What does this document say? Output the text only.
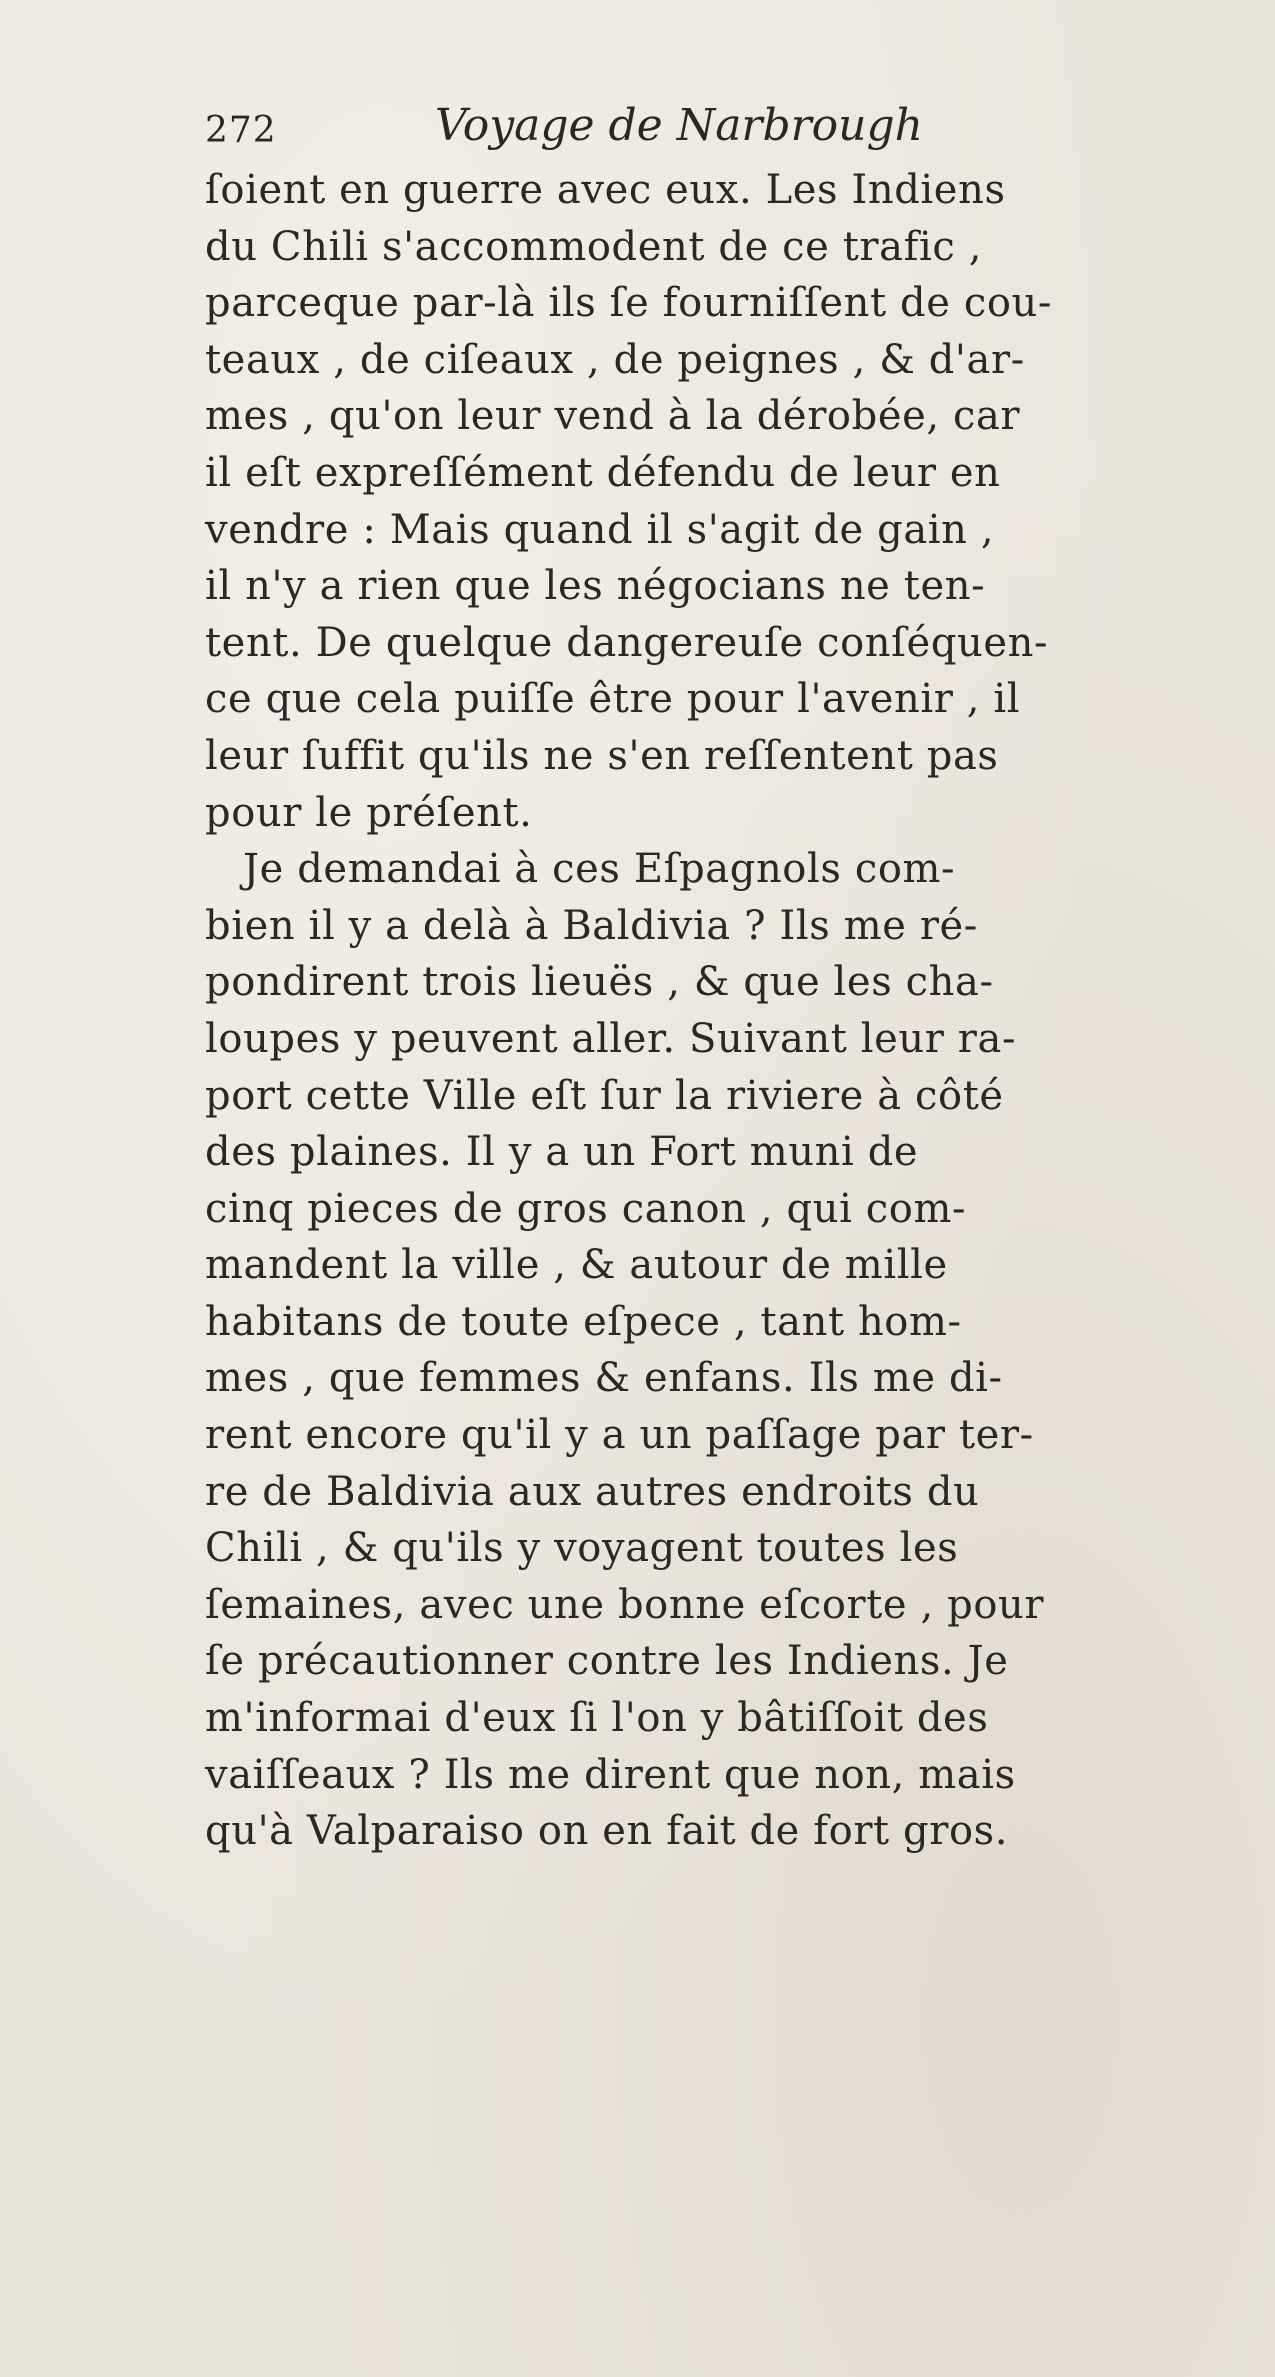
272	Voyage de Narbrough
ſoient en guerre avec eux. Les Indiens
du Chili s'accommodent de ce trafic ,
parceque par-là ils ſe fourniſſent de cou-
teaux , de ciſeaux , de peignes , & d'ar-
mes , qu'on leur vend à la dérobée, car
il eſt expreſſément défendu de leur en
vendre : Mais quand il s'agit de gain ,
il n'y a rien que les négocians ne ten-
tent. De quelque dangereuſe conſéquen-
ce que cela puiſſe être pour l'avenir , il
leur ſuffit qu'ils ne s'en reſſentent pas
pour le préſent.
Je demandai à ces Eſpagnols com-
bien il y a delà à Baldivia ? Ils me ré-
pondirent trois lieuës , & que les cha-
loupes y peuvent aller. Suivant leur ra-
port cette Ville eſt ſur la riviere à côté
des plaines. Il y a un Fort muni de
cinq pieces de gros canon , qui com-
mandent la ville , & autour de mille
habitans de toute eſpece , tant hom-
mes , que femmes & enfans. Ils me di-
rent encore qu'il y a un paſſage par ter-
re de Baldivia aux autres endroits du
Chili , & qu'ils y voyagent toutes les
ſemaines, avec une bonne eſcorte , pour
ſe précautionner contre les Indiens. Je
m'informai d'eux ſi l'on y bâtiſſoit des
vaiſſeaux ? Ils me dirent que non, mais
qu'à Valparaiso on en fait de fort gros.
